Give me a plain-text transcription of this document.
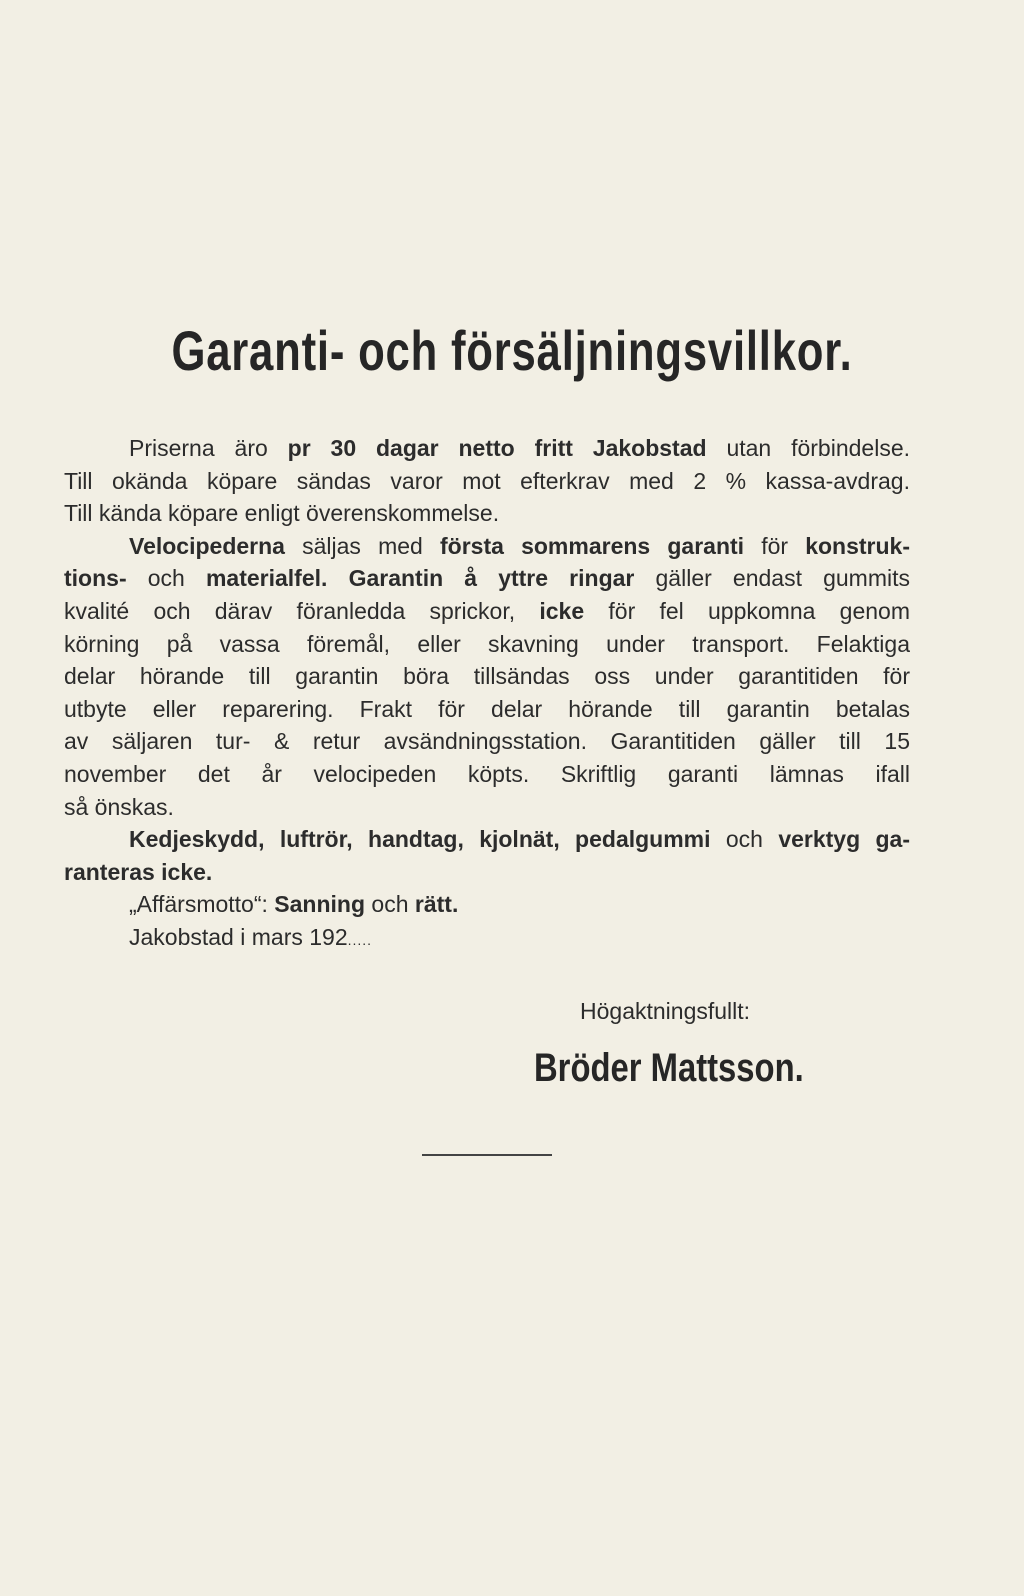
Garanti- och försäljningsvillkor.
Priserna äro pr 30 dagar netto fritt Jakobstad utan förbindelse.
Till okända köpare sändas varor mot efterkrav med 2 % kassa-avdrag.
Till kända köpare enligt överenskommelse.
Velocipederna säljas med första sommarens garanti för konstruk-
tions- och materialfel. Garantin å yttre ringar gäller endast gummits
kvalité och därav föranledda sprickor, icke för fel uppkomna genom
körning på vassa föremål, eller skavning under transport. Felaktiga
delar hörande till garantin böra tillsändas oss under garantitiden för
utbyte eller reparering. Frakt för delar hörande till garantin betalas
av säljaren tur- & retur avsändningsstation. Garantitiden gäller till 15
november det år velocipeden köpts. Skriftlig garanti lämnas ifall
så önskas.
Kedjeskydd, luftrör, handtag, kjolnät, pedalgummi och verktyg ga-
ranteras icke.
„Affärsmotto“: Sanning och rätt.
Jakobstad i mars 192.....
Högaktningsfullt:
Bröder Mattsson.
